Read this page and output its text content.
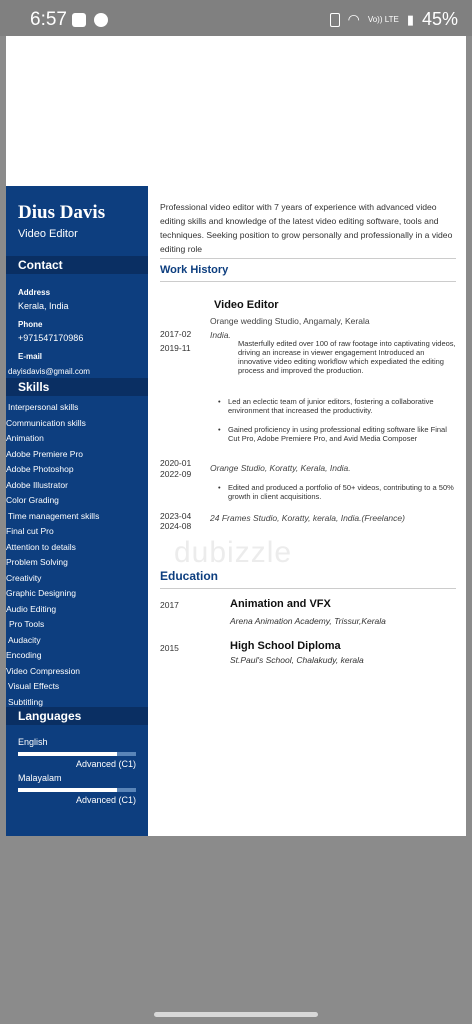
6:57	◠ Vo)) LTE ▮ 45%
Dius Davis
Video Editor
Contact
Address
Kerala, India
Phone
+971547170986
E-mail
dayisdavis@gmail.com
Skills
Interpersonal skills
Communication skills
Animation
Adobe Premiere Pro
Adobe Photoshop
Adobe Illustrator
Color Grading
Time management skills
Final cut Pro
Attention to details
Problem Solving
Creativity
Graphic Designing
Audio Editing
Pro Tools
Audacity
Encoding
Video Compression
Visual Effects
Subtitling
Languages
English
Advanced (C1)
Malayalam
Advanced (C1)
Professional video editor with 7 years of experience with advanced video editing skills and knowledge of the latest video editing software, tools and techniques. Seeking position to grow personally and professionally in a video editing role
Work History
Video Editor
Orange wedding Studio, Angamaly, Kerala
2017-02 India.
2019-11	Masterfully edited over 100 of raw footage into captivating videos, driving an increase in viewer engagement Introduced an innovative video editing workflow which expediated the editing process and improved the production.
• Led an eclectic team of junior editors, fostering a collaborative environment that increased the productivity.
• Gained proficiency in using professional editing software like Final Cut Pro, Adobe Premiere Pro, and Avid Media Composer
2020-01 Orange Studio, Koratty, Kerala, India.
2022-09
• Edited and produced a portfolio of 50+ videos, contributing to a 50% growth in client acquisitions.
2023-04 24 Frames Studio, Koratty, kerala, India.(Freelance)
2024-08
Education
2017	Animation and VFX
Arena Animation Academy, Trissur,Kerala
2015	High School Diploma
St.Paul's School, Chalakudy, kerala
dubizzle
